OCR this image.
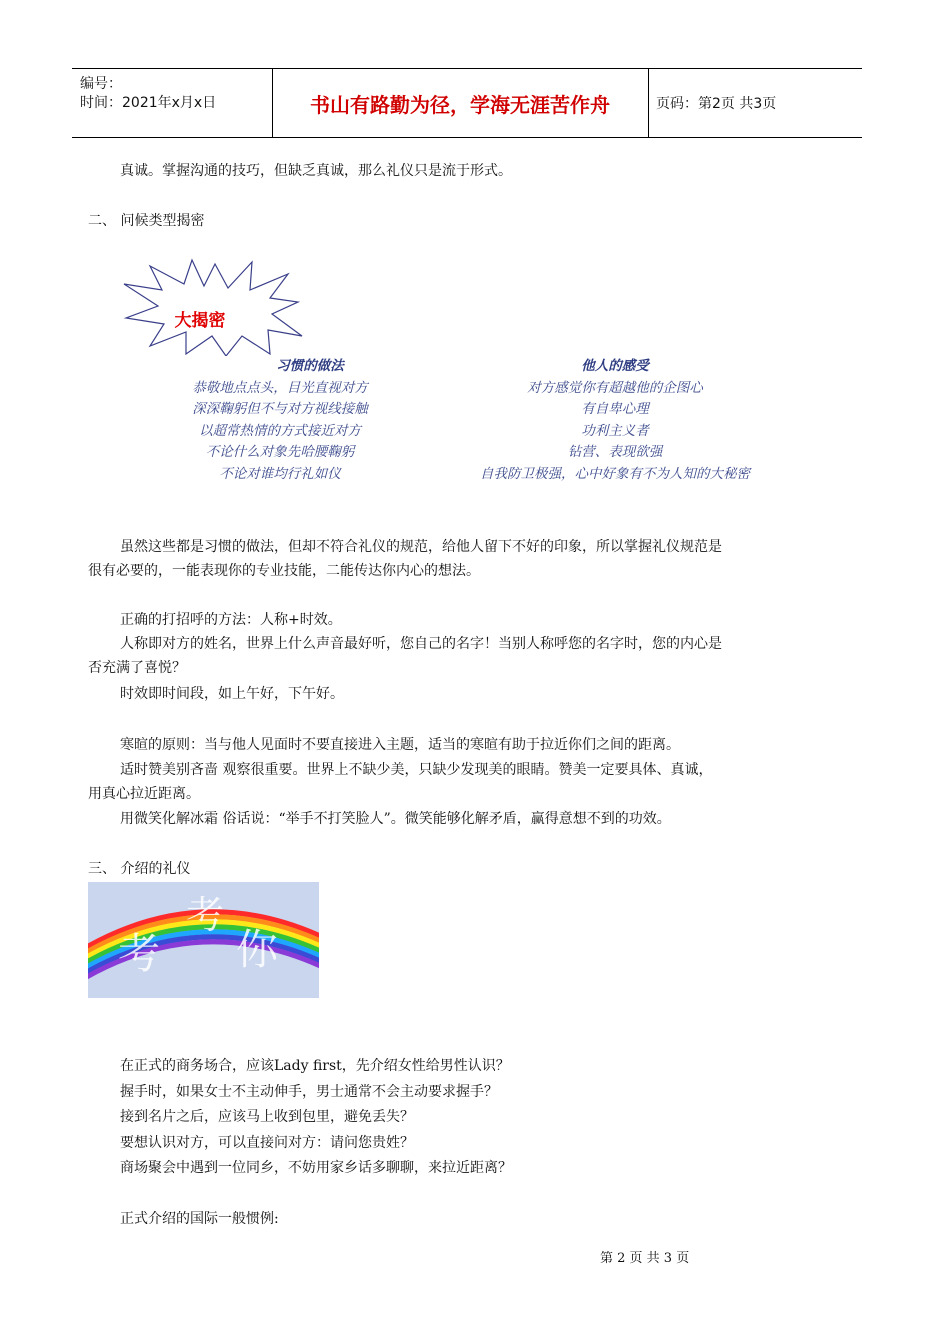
编号：
时间：2021年x月x日	书山有路勤为径，学海无涯苦作舟	页码：第2页 共3页
真诚。掌握沟通的技巧，但缺乏真诚，那么礼仪只是流于形式。
二、 问候类型揭密
大揭密
习惯的做法
恭敬地点点头，目光直视对方
深深鞠躬但不与对方视线接触
以超常热情的方式接近对方
不论什么对象先哈腰鞠躬
不论对谁均行礼如仪
他人的感受
对方感觉你有超越他的企图心
有自卑心理
功利主义者
钻营、表现欲强
自我防卫极强，心中好象有不为人知的大秘密
虽然这些都是习惯的做法，但却不符合礼仪的规范，给他人留下不好的印象，所以掌握礼仪规范是
很有必要的，一能表现你的专业技能，二能传达你内心的想法。
正确的打招呼的方法：人称+时效。
人称即对方的姓名，世界上什么声音最好听，您自己的名字！当别人称呼您的名字时，您的内心是
否充满了喜悦？
时效即时间段，如上午好，下午好。
寒暄的原则：当与他人见面时不要直接进入主题，适当的寒暄有助于拉近你们之间的距离。
适时赞美别吝啬 观察很重要。世界上不缺少美，只缺少发现美的眼睛。赞美一定要具体、真诚，
用真心拉近距离。
用微笑化解冰霜 俗话说：“举手不打笑脸人”。微笑能够化解矛盾，赢得意想不到的功效。
三、 介绍的礼仪
考
考
你
在正式的商务场合，应该Lady first，先介绍女性给男性认识？
握手时，如果女士不主动伸手，男士通常不会主动要求握手？
接到名片之后，应该马上收到包里，避免丢失？
要想认识对方，可以直接问对方：请问您贵姓？
商场聚会中遇到一位同乡，不妨用家乡话多聊聊，来拉近距离？
正式介绍的国际一般惯例:
第 2 页 共 3 页
